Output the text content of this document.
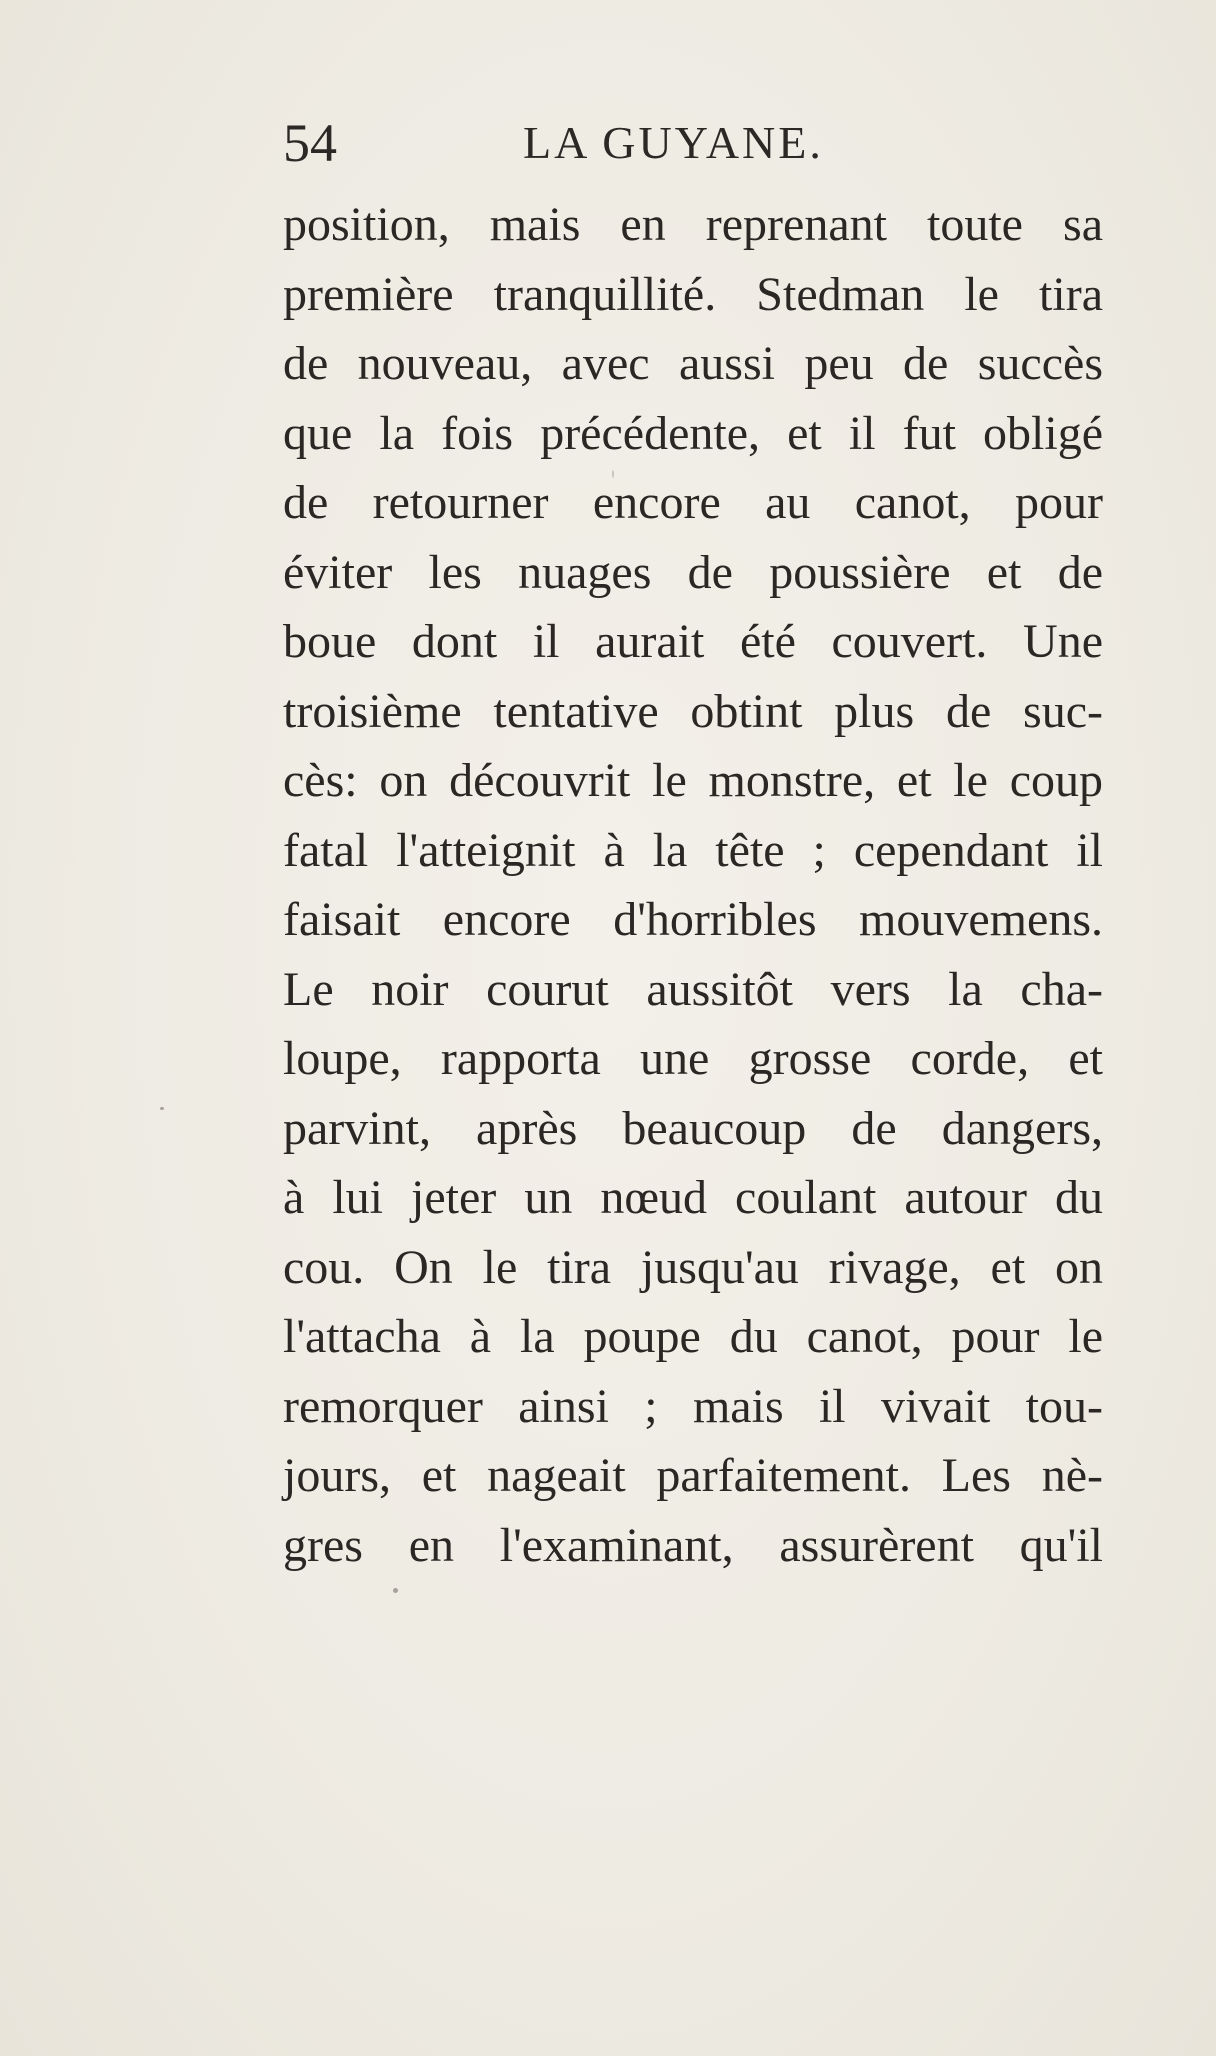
54	LA GUYANE.
position, mais en reprenant toute sa
première tranquillité. Stedman le tira
de nouveau, avec aussi peu de succès
que la fois précédente, et il fut obligé
de retourner encore au canot, pour
éviter les nuages de poussière et de
boue dont il aurait été couvert. Une
troisième tentative obtint plus de suc-
cès: on découvrit le monstre, et le coup
fatal l'atteignit à la tête ; cependant il
faisait encore d'horribles mouvemens.
Le noir courut aussitôt vers la cha-
loupe, rapporta une grosse corde, et
parvint, après beaucoup de dangers,
à lui jeter un nœud coulant autour du
cou. On le tira jusqu'au rivage, et on
l'attacha à la poupe du canot, pour le
remorquer ainsi ; mais il vivait tou-
jours, et nageait parfaitement. Les nè-
gres en l'examinant, assurèrent qu'il
